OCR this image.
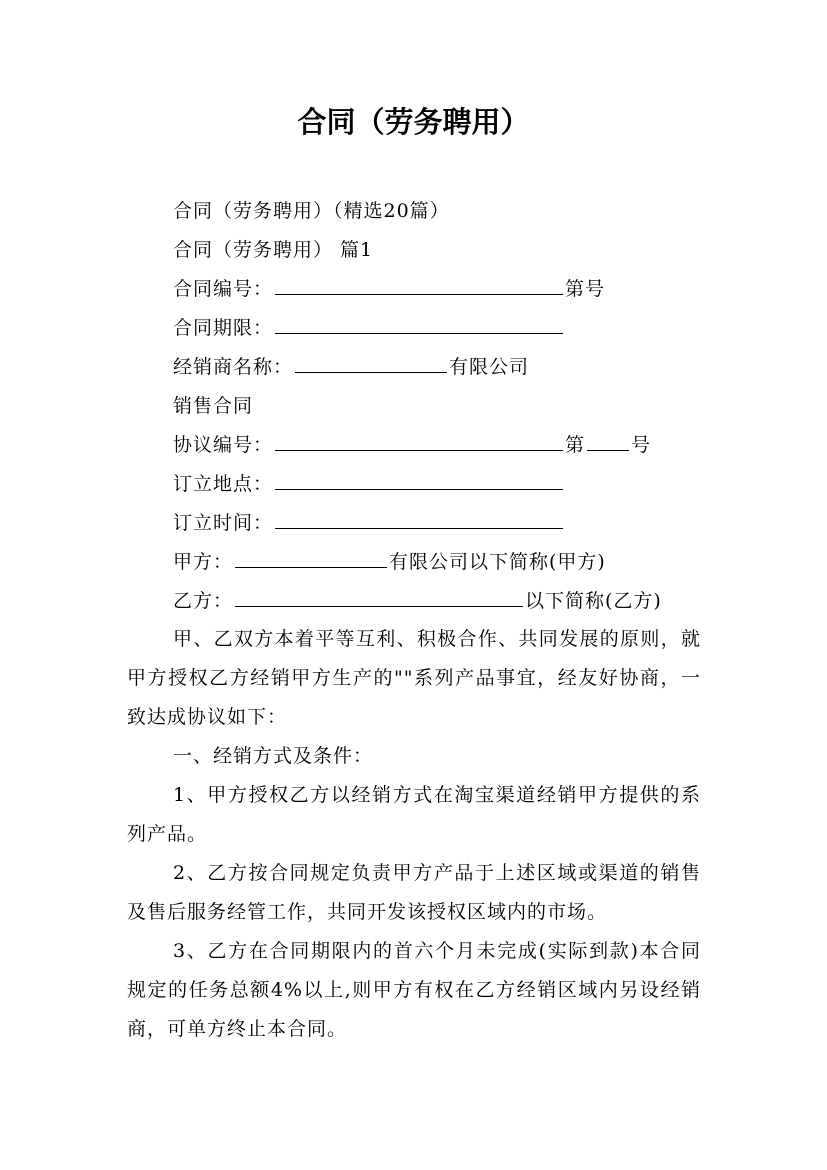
合同（劳务聘用）
合同（劳务聘用）（精选20篇）
合同（劳务聘用） 篇1
合同编号：	第号
合同期限：
经销商名称：	有限公司
销售合同
协议编号：	第 号
订立地点：
订立时间：
甲方：	有限公司以下简称(甲方)
乙方：	以下简称(乙方)

甲、乙双方本着平等互利、积极合作、共同发展的原则，就甲方授权乙方经销甲方生产的""系列产品事宜，经友好协商，一致达成协议如下：

一、经销方式及条件：

1、甲方授权乙方以经销方式在淘宝渠道经销甲方提供的系列产品。

2、乙方按合同规定负责甲方产品于上述区域或渠道的销售及售后服务经管工作，共同开发该授权区域内的市场。

3、乙方在合同期限内的首六个月未完成(实际到款)本合同规定的任务总额4%以上,则甲方有权在乙方经销区域内另设经销商，可单方终止本合同。
